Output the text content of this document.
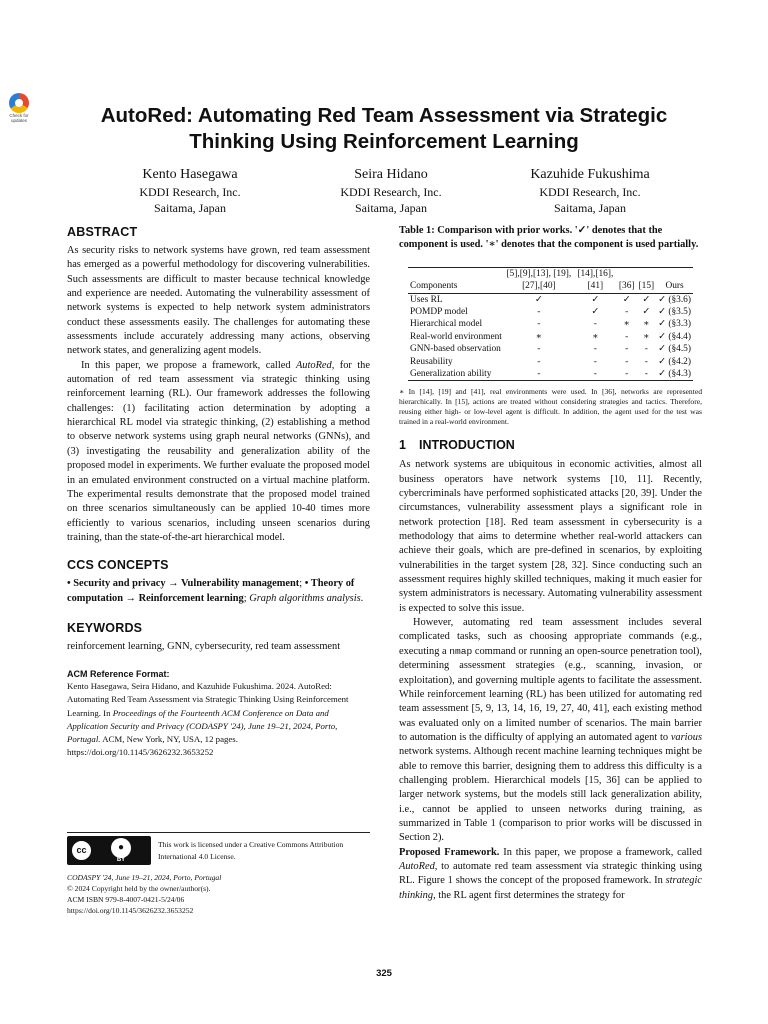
Check for
updates	AutoRed: Automating Red Team Assessment via Strategic Thinking Using Reinforcement Learning
Kento Hasegawa
KDDI Research, Inc.
Saitama, Japan
Seira Hidano
KDDI Research, Inc.
Saitama, Japan
Kazuhide Fukushima
KDDI Research, Inc.
Saitama, Japan
ABSTRACT

As security risks to network systems have grown, red team assessment has emerged as a powerful methodology for discovering vulnerabilities. Such assessments are difficult to master because technical knowledge and experience are needed. Automating the vulnerability assessment of network systems is expected to help network system administrators conduct these assessments easily. The challenges for automating these assessments include accurately addressing many actions, observing network states, and generalizing agent models.

In this paper, we propose a framework, called AutoRed, for the automation of red team assessment via strategic thinking using reinforcement learning (RL). Our framework addresses the following challenges: (1) facilitating action determination by adopting a hierarchical RL model via strategic thinking, (2) establishing a method to observe network systems using graph neural networks (GNNs), and (3) investigating the reusability and generalization ability of the proposed model in experiments. We further evaluate the proposed model in an emulated environment constructed on a virtual machine platform. The experimental results demonstrate that the proposed model trained on three scenarios simultaneously can be applied 10-40 times more efficiently to various scenarios, including unseen scenarios during training, than the state-of-the-art hierarchical model.

CCS CONCEPTS

• Security and privacy → Vulnerability management; • Theory of computation → Reinforcement learning; Graph algorithms analysis.

KEYWORDS

reinforcement learning, GNN, cybersecurity, red team assessment

ACM Reference Format:

Kento Hasegawa, Seira Hidano, and Kazuhide Fukushima. 2024. AutoRed: Automating Red Team Assessment via Strategic Thinking Using Reinforcement Learning. In Proceedings of the Fourteenth ACM Conference on Data and Application Security and Privacy (CODASPY '24), June 19–21, 2024, Porto, Portugal. ACM, New York, NY, USA, 12 pages. https://doi.org/10.1145/3626232.3653252

cc	●
BY
This work is licensed under a Creative Commons Attribution International 4.0 License.
CODASPY '24, June 19–21, 2024, Porto, Portugal
© 2024 Copyright held by the owner/author(s).
ACM ISBN 979-8-4007-0421-5/24/06
https://doi.org/10.1145/3626232.3653252

Table 1: Comparison with prior works. '✓' denotes that the component is used. '∗' denotes that the component is used partially.

Components	[5],[9],[13], [19],[27],[40]	[14],[16], [41]	[36]	[15]	Ours
Uses RL	✓	✓	✓	✓	✓ (§3.6)
POMDP model	-	✓	-	✓	✓ (§3.5)
Hierarchical model	-	-	∗	∗	✓ (§3.3)
Real-world environment	∗	∗	-	∗	✓ (§4.4)
GNN-based observation	-	-	-	-	✓ (§4.5)
Reusability	-	-	-	-	✓ (§4.2)
Generalization ability	-	-	-	-	✓ (§4.3)

∗ In [14], [19] and [41], real environments were used. In [36], networks are represented hierarchically. In [15], actions are treated without considering strategies and tactics. Therefore, reusing either high- or low-level agent is difficult. In addition, the agent used for the test was trained in a real-world environment.

1 INTRODUCTION

As network systems are ubiquitous in economic activities, almost all business operators have network systems [10, 11]. Recently, cybercriminals have performed sophisticated attacks [20, 39]. Under the circumstances, vulnerability assessment plays a significant role in network protection [18]. Red team assessment in cybersecurity is a methodology that aims to determine whether real-world attackers can achieve their goals, which are pre-defined in scenarios, by exploiting vulnerabilities in the target system [28, 32]. Since conducting such an assessment requires highly skilled techniques, making it much easier for system administrators is necessary. Automating vulnerability assessment is expected to solve this issue.

However, automating red team assessment includes several complicated tasks, such as choosing appropriate commands (e.g., executing a nmap command or running an open-source penetration tool), determining assessment strategies (e.g., scanning, invasion, or exploitation), and governing multiple agents to facilitate the assessment. While reinforcement learning (RL) has been utilized for automating red team assessment [5, 9, 13, 14, 16, 19, 27, 40, 41], each existing method was evaluated only on a limited number of scenarios. The main barrier to automation is the difficulty of applying an automated agent to various network systems. Although recent machine learning techniques might be able to remove this barrier, designing them to address this difficulty is a challenging problem. Hierarchical models [15, 36] can be applied to larger network systems, but the models still lack generalization ability, i.e., cannot be applied to unseen networks during training, as summarized in Table 1 (comparison to prior works will be discussed in Section 2).

Proposed Framework. In this paper, we propose a framework, called AutoRed, to automate red team assessment via strategic thinking using RL. Figure 1 shows the concept of the proposed framework. In strategic thinking, the RL agent first determines the strategy for

325
